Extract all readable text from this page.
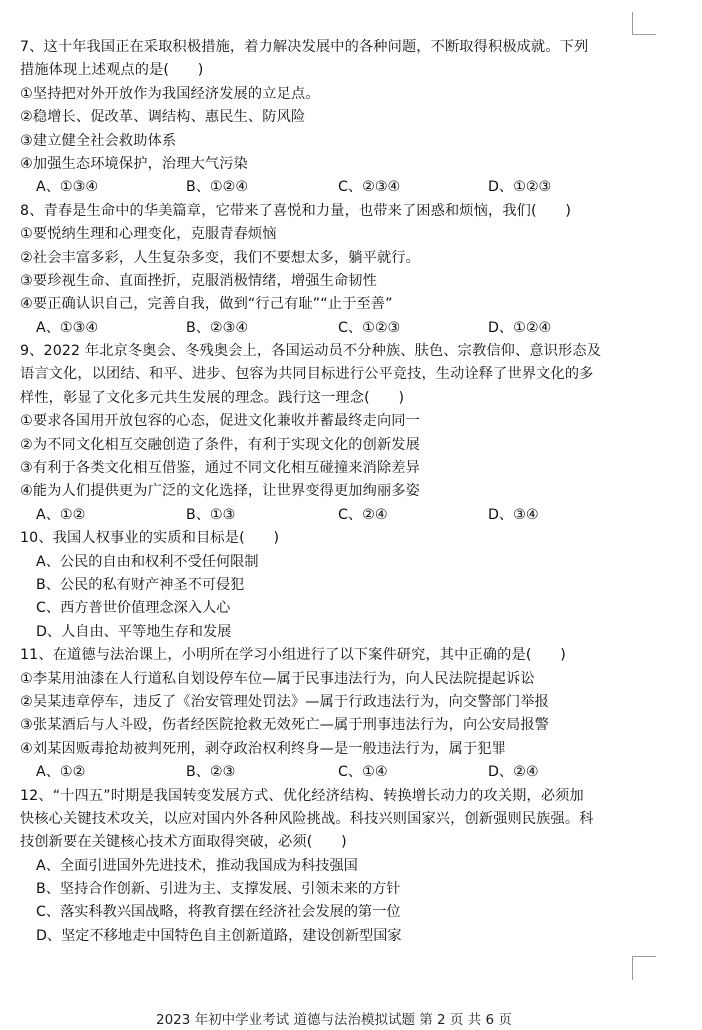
7、这十年我国正在采取积极措施，着力解决发展中的各种问题，不断取得积极成就。下列
措施体现上述观点的是(　　)
①坚持把对外开放作为我国经济发展的立足点。
②稳增长、促改革、调结构、惠民生、防风险
③建立健全社会救助体系
④加强生态环境保护，治理大气污染
A、①③④	B、①②④	C、②③④	D、①②③
8、青春是生命中的华美篇章，它带来了喜悦和力量，也带来了困惑和烦恼，我们(　　)
①要悦纳生理和心理变化，克服青春烦恼
②社会丰富多彩，人生复杂多变，我们不要想太多，躺平就行。
③要珍视生命、直面挫折，克服消极情绪，增强生命韧性
④要正确认识自己，完善自我，做到“行己有耻”“止于至善”
A、①③④	B、②③④	C、①②③	D、①②④
9、2022 年北京冬奥会、冬残奥会上，各国运动员不分种族、肤色、宗教信仰、意识形态及
语言文化，以团结、和平、进步、包容为共同目标进行公平竞技，生动诠释了世界文化的多
样性，彰显了文化多元共生发展的理念。践行这一理念(　　)
①要求各国用开放包容的心态，促进文化兼收并蓄最终走向同一
②为不同文化相互交融创造了条件，有利于实现文化的创新发展
③有利于各类文化相互借鉴，通过不同文化相互碰撞来消除差异
④能为人们提供更为广泛的文化选择，让世界变得更加绚丽多姿
A、①②	B、①③	C、②④	D、③④
10、我国人权事业的实质和目标是(　　)
A、公民的自由和权利不受任何限制
B、公民的私有财产神圣不可侵犯
C、西方普世价值理念深入人心
D、人自由、平等地生存和发展
11、在道德与法治课上，小明所在学习小组进行了以下案件研究，其中正确的是(　　)
①李某用油漆在人行道私自划设停车位—属于民事违法行为，向人民法院提起诉讼
②吴某违章停车，违反了《治安管理处罚法》—属于行政违法行为，向交警部门举报
③张某酒后与人斗殴，伤者经医院抢救无效死亡—属于刑事违法行为，向公安局报警
④刘某因贩毒抢劫被判死刑，剥夺政治权利终身—是一般违法行为，属于犯罪
A、①②	B、②③	C、①④	D、②④
12、“十四五”时期是我国转变发展方式、优化经济结构、转换增长动力的攻关期，必须加
快核心关键技术攻关，以应对国内外各种风险挑战。科技兴则国家兴，创新强则民族强。科
技创新要在关键核心技术方面取得突破，必须(　　)
A、全面引进国外先进技术，推动我国成为科技强国
B、坚持合作创新、引进为主、支撑发展、引领未来的方针
C、落实科教兴国战略，将教育摆在经济社会发展的第一位
D、坚定不移地走中国特色自主创新道路，建设创新型国家
2023 年初中学业考试 道德与法治模拟试题 第 2 页 共 6 页
